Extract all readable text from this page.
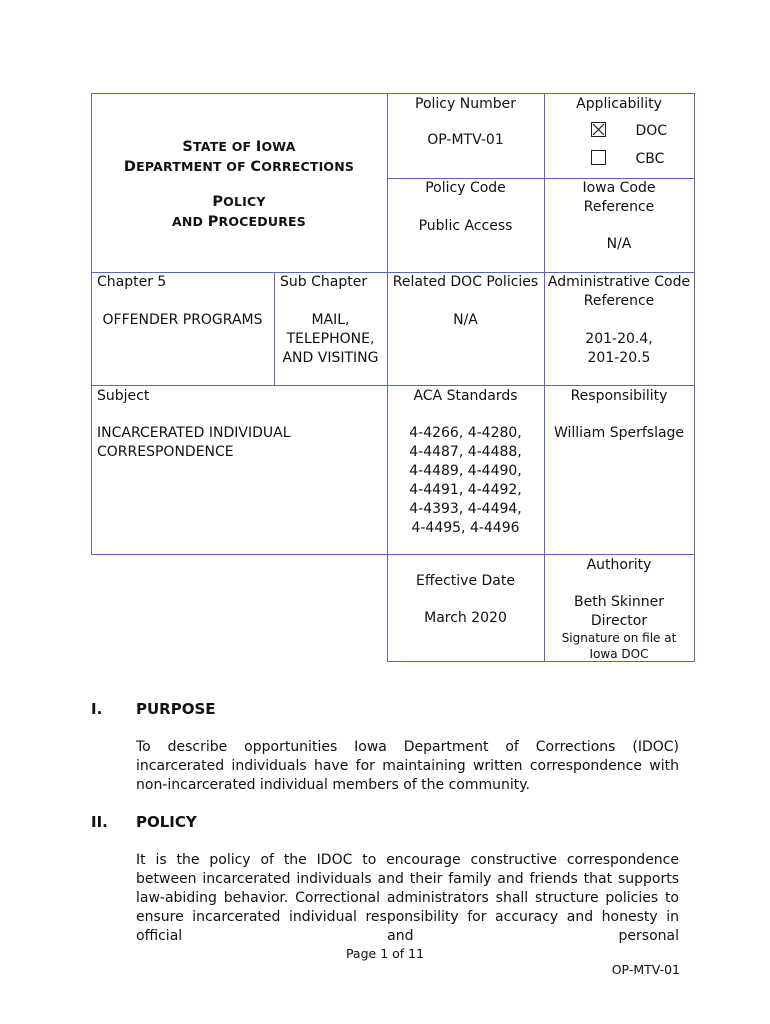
STATE OF IOWA
DEPARTMENT OF CORRECTIONS
POLICY
AND PROCEDURES
Policy Number
OP-MTV-01
Applicability
DOC
CBC
Policy Code
Public Access
Iowa Code
Reference
N/A
Chapter 5
OFFENDER PROGRAMS
Sub Chapter
MAIL,
TELEPHONE,
AND VISITING
Related DOC Policies
N/A
Administrative Code
Reference
201-20.4,
201-20.5
Subject
INCARCERATED INDIVIDUAL
CORRESPONDENCE
ACA Standards
4-4266, 4-4280,
4-4487, 4-4488,
4-4489, 4-4490,
4-4491, 4-4492,
4-4393, 4-4494,
4-4495, 4-4496
Responsibility
William Sperfslage
Effective Date
March 2020
Authority
Beth Skinner
Director
Signature on file at
Iowa DOC
I. PURPOSE
To describe opportunities Iowa Department of Corrections (IDOC) incarcerated individuals have for maintaining written correspondence with non-incarcerated individual members of the community.
II. POLICY
It is the policy of the IDOC to encourage constructive correspondence between incarcerated individuals and their family and friends that supports law-abiding behavior. Correctional administrators shall structure policies to ensure incarcerated individual responsibility for accuracy and honesty in official and personal
Page 1 of 11
OP-MTV-01
